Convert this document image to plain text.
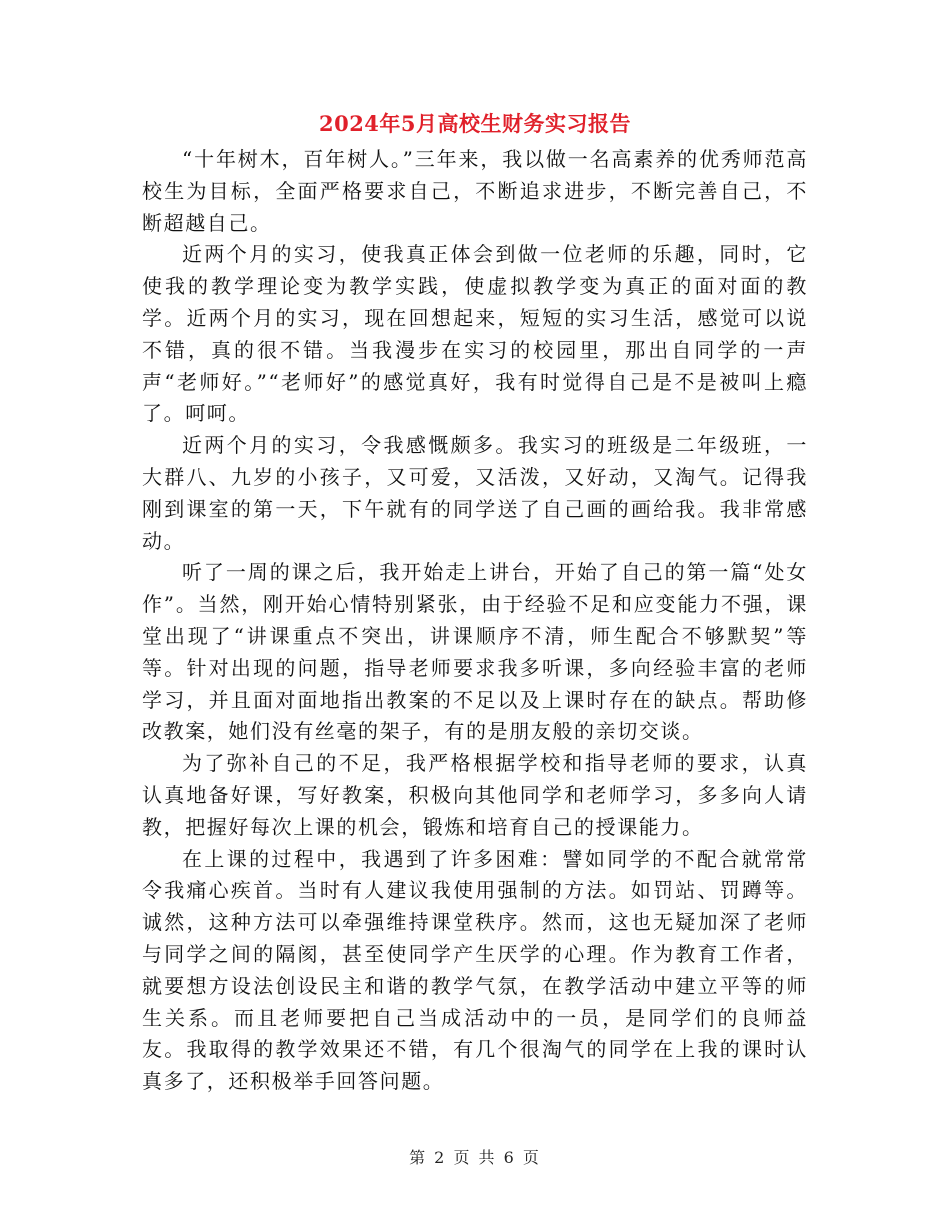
2024年5月高校生财务实习报告

“十年树木，百年树人。”三年来，我以做一名高素养的优秀师范高校生为目标，全面严格要求自己，不断追求进步，不断完善自己，不断超越自己。

近两个月的实习，使我真正体会到做一位老师的乐趣，同时，它使我的教学理论变为教学实践，使虚拟教学变为真正的面对面的教学。近两个月的实习，现在回想起来，短短的实习生活，感觉可以说不错，真的很不错。当我漫步在实习的校园里，那出自同学的一声声“老师好。”“老师好”的感觉真好，我有时觉得自己是不是被叫上瘾了。呵呵。

近两个月的实习，令我感慨颇多。我实习的班级是二年级班，一大群八、九岁的小孩子，又可爱，又活泼，又好动，又淘气。记得我刚到课室的第一天，下午就有的同学送了自己画的画给我。我非常感动。

听了一周的课之后，我开始走上讲台，开始了自己的第一篇“处女作”。当然，刚开始心情特别紧张，由于经验不足和应变能力不强，课堂出现了“讲课重点不突出，讲课顺序不清，师生配合不够默契”等等。针对出现的问题，指导老师要求我多听课，多向经验丰富的老师学习，并且面对面地指出教案的不足以及上课时存在的缺点。帮助修改教案，她们没有丝毫的架子，有的是朋友般的亲切交谈。

为了弥补自己的不足，我严格根据学校和指导老师的要求，认真认真地备好课，写好教案，积极向其他同学和老师学习，多多向人请教，把握好每次上课的机会，锻炼和培育自己的授课能力。

在上课的过程中，我遇到了许多困难：譬如同学的不配合就常常令我痛心疾首。当时有人建议我使用强制的方法。如罚站、罚蹲等。诚然，这种方法可以牵强维持课堂秩序。然而，这也无疑加深了老师与同学之间的隔阂，甚至使同学产生厌学的心理。作为教育工作者，就要想方设法创设民主和谐的教学气氛，在教学活动中建立平等的师生关系。而且老师要把自己当成活动中的一员，是同学们的良师益友。我取得的教学效果还不错，有几个很淘气的同学在上我的课时认真多了，还积极举手回答问题。

第 2 页 共 6 页
